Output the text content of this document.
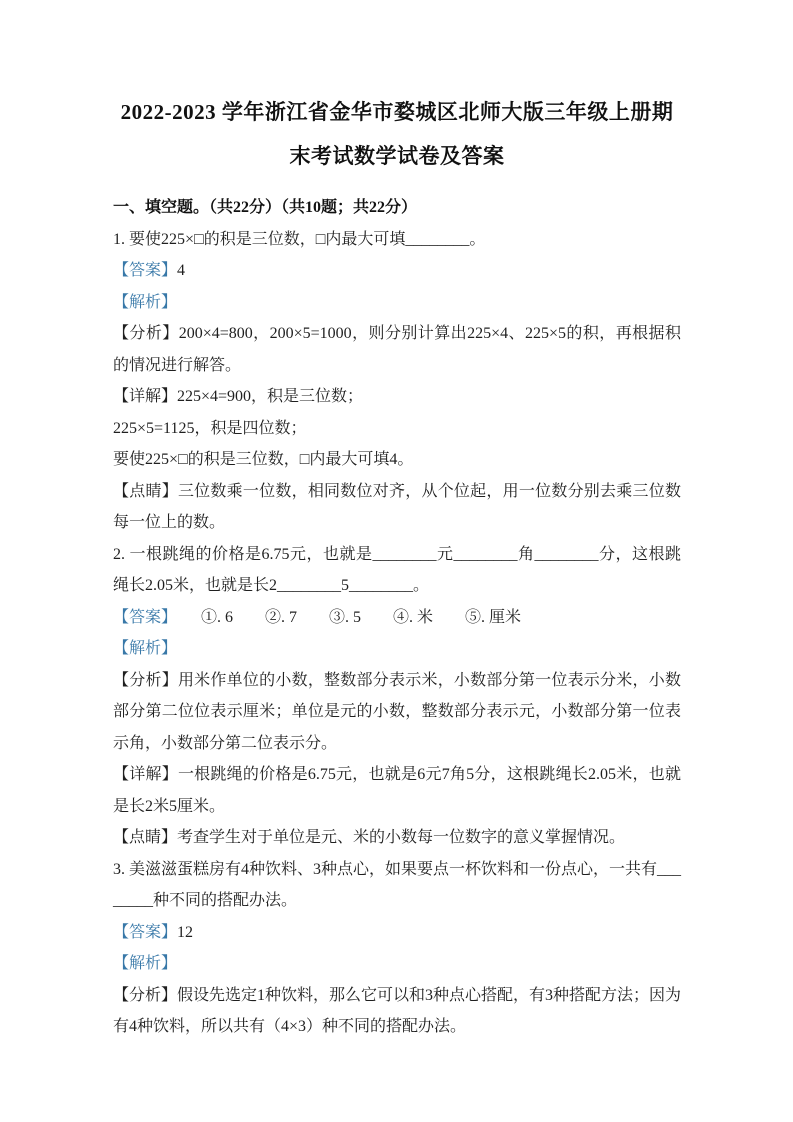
2022-2023 学年浙江省金华市婺城区北师大版三年级上册期末考试数学试卷及答案

一、填空题。（共22分）（共10题；共22分）

1. 要使225×□的积是三位数，□内最大可填________。

【答案】4

【解析】

【分析】200×4=800，200×5=1000，则分别计算出225×4、225×5的积，再根据积的情况进行解答。

【详解】225×4=900，积是三位数；

225×5=1125，积是四位数；

要使225×□的积是三位数，□内最大可填4。

【点睛】三位数乘一位数，相同数位对齐，从个位起，用一位数分别去乘三位数每一位上的数。

2. 一根跳绳的价格是6.75元，也就是________元________角________分，这根跳绳长2.05米，也就是长2________5________。

【答案】　　①. 6　　②. 7　　③. 5　　④. 米　　⑤. 厘米

【解析】

【分析】用米作单位的小数，整数部分表示米，小数部分第一位表示分米，小数部分第二位位表示厘米；单位是元的小数，整数部分表示元，小数部分第一位表示角，小数部分第二位表示分。

【详解】一根跳绳的价格是6.75元，也就是6元7角5分，这根跳绳长2.05米，也就是长2米5厘米。

【点睛】考查学生对于单位是元、米的小数每一位数字的意义掌握情况。

3. 美滋滋蛋糕房有4种饮料、3种点心，如果要点一杯饮料和一份点心，一共有________种不同的搭配办法。

【答案】12

【解析】

【分析】假设先选定1种饮料，那么它可以和3种点心搭配，有3种搭配方法；因为有4种饮料，所以共有（4×3）种不同的搭配办法。
